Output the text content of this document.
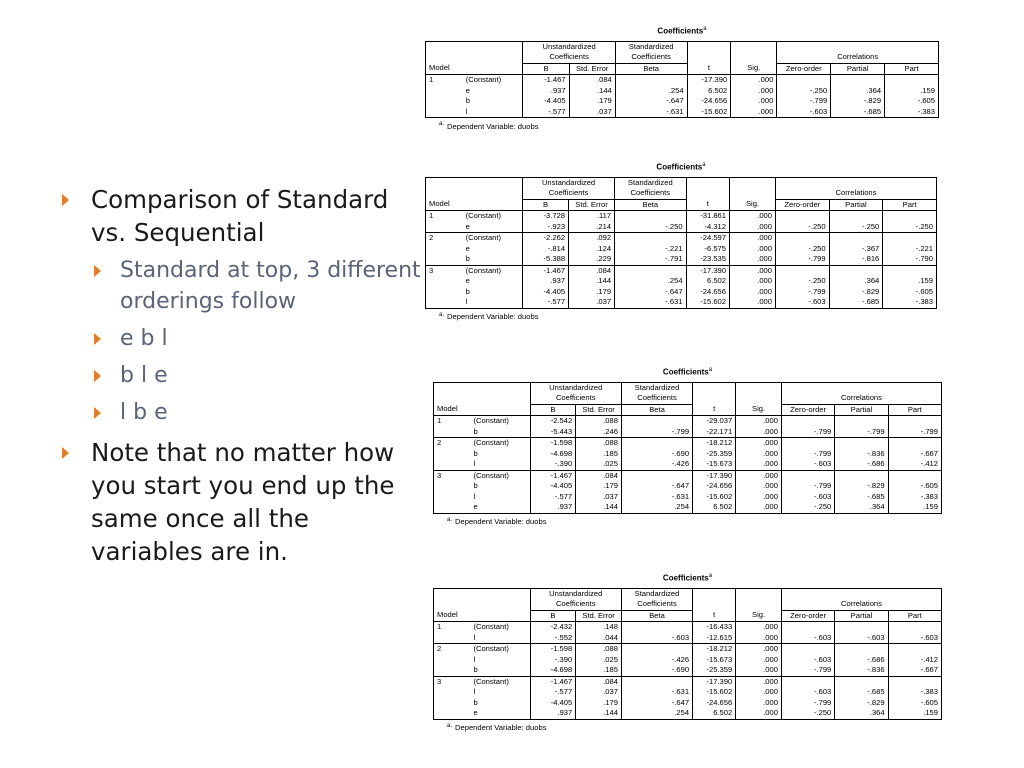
Comparison of Standard vs. Sequential
Standard at top, 3 different orderings follow
e b l
b l e
l b e
Note that no matter how you start you end up the same once all the variables are in.
Coefficients$^a$
		Unstandardized Coefficients		Standardized Coefficients					
							Correlations		
Model		B	Std. Error	Beta	t	Sig.	Zero-order	Partial	Part
1	(Constant)	-1.467	.084		-17.390	.000			
	e	.937	.144	.254	6.502	.000	-.250	.364	.159
	b	-4.405	.179	-.647	-24.656	.000	-.799	-.829	-.605
	l	-.577	.037	-.631	-15.602	.000	-.603	-.685	-.383
$^{a.}$ Dependent Variable: duobs
Coefficients$^a$
		Unstandardized Coefficients		Standardized Coefficients					
							Correlations		
Model		B	Std. Error	Beta	t	Sig.	Zero-order	Partial	Part
1	(Constant)	-3.728	.117		-31.861	.000			
	e	-.923	.214	-.250	-4.312	.000	-.250	-.250	-.250
2	(Constant)	-2.262	.092		-24.597	.000			
	e	-.814	.124	-.221	-6.575	.000	-.250	-.367	-.221
	b	-5.388	.229	-.791	-23.535	.000	-.799	-.816	-.790
3	(Constant)	-1.467	.084		-17.390	.000			
	e	.937	.144	.254	6.502	.000	-.250	.364	.159
	b	-4.405	.179	-.647	-24.656	.000	-.799	-.829	-.605
	l	-.577	.037	-.631	-15.602	.000	-.603	-.685	-.383
$^{a.}$ Dependent Variable: duobs
Coefficients$^a$
		Unstandardized Coefficients		Standardized Coefficients					
							Correlations		
Model		B	Std. Error	Beta	t	Sig.	Zero-order	Partial	Part
1	(Constant)	-2.542	.088		-29.037	.000			
	b	-5.443	.246	-.799	-22.171	.000	-.799	-.799	-.799
2	(Constant)	-1.598	.088		-18.212	.000			
	b	-4.698	.185	-.690	-25.359	.000	-.799	-.836	-.667
	l	-.390	.025	-.426	-15.673	.000	-.603	-.686	-.412
3	(Constant)	-1.467	.084		-17.390	.000			
	b	-4.405	.179	-.647	-24.656	.000	-.799	-.829	-.605
	l	-.577	.037	-.631	-15.602	.000	-.603	-.685	-.383
	e	.937	.144	.254	6.502	.000	-.250	.364	.159
$^{a.}$ Dependent Variable: duobs
Coefficients$^a$
		Unstandardized Coefficients		Standardized Coefficients					
							Correlations		
Model		B	Std. Error	Beta	t	Sig.	Zero-order	Partial	Part
1	(Constant)	-2.432	.148		-16.433	.000			
	l	-.552	.044	-.603	-12.615	.000	-.603	-.603	-.603
2	(Constant)	-1.598	.088		-18.212	.000			
	l	-.390	.025	-.426	-15.673	.000	-.603	-.686	-.412
	b	-4.698	.185	-.690	-25.359	.000	-.799	-.836	-.667
3	(Constant)	-1.467	.084		-17.390	.000			
	l	-.577	.037	-.631	-15.602	.000	-.603	-.685	-.383
	b	-4.405	.179	-.647	-24.656	.000	-.799	-.829	-.605
	e	.937	.144	.254	6.502	.000	-.250	.364	.159
$^{a.}$ Dependent Variable: duobs
